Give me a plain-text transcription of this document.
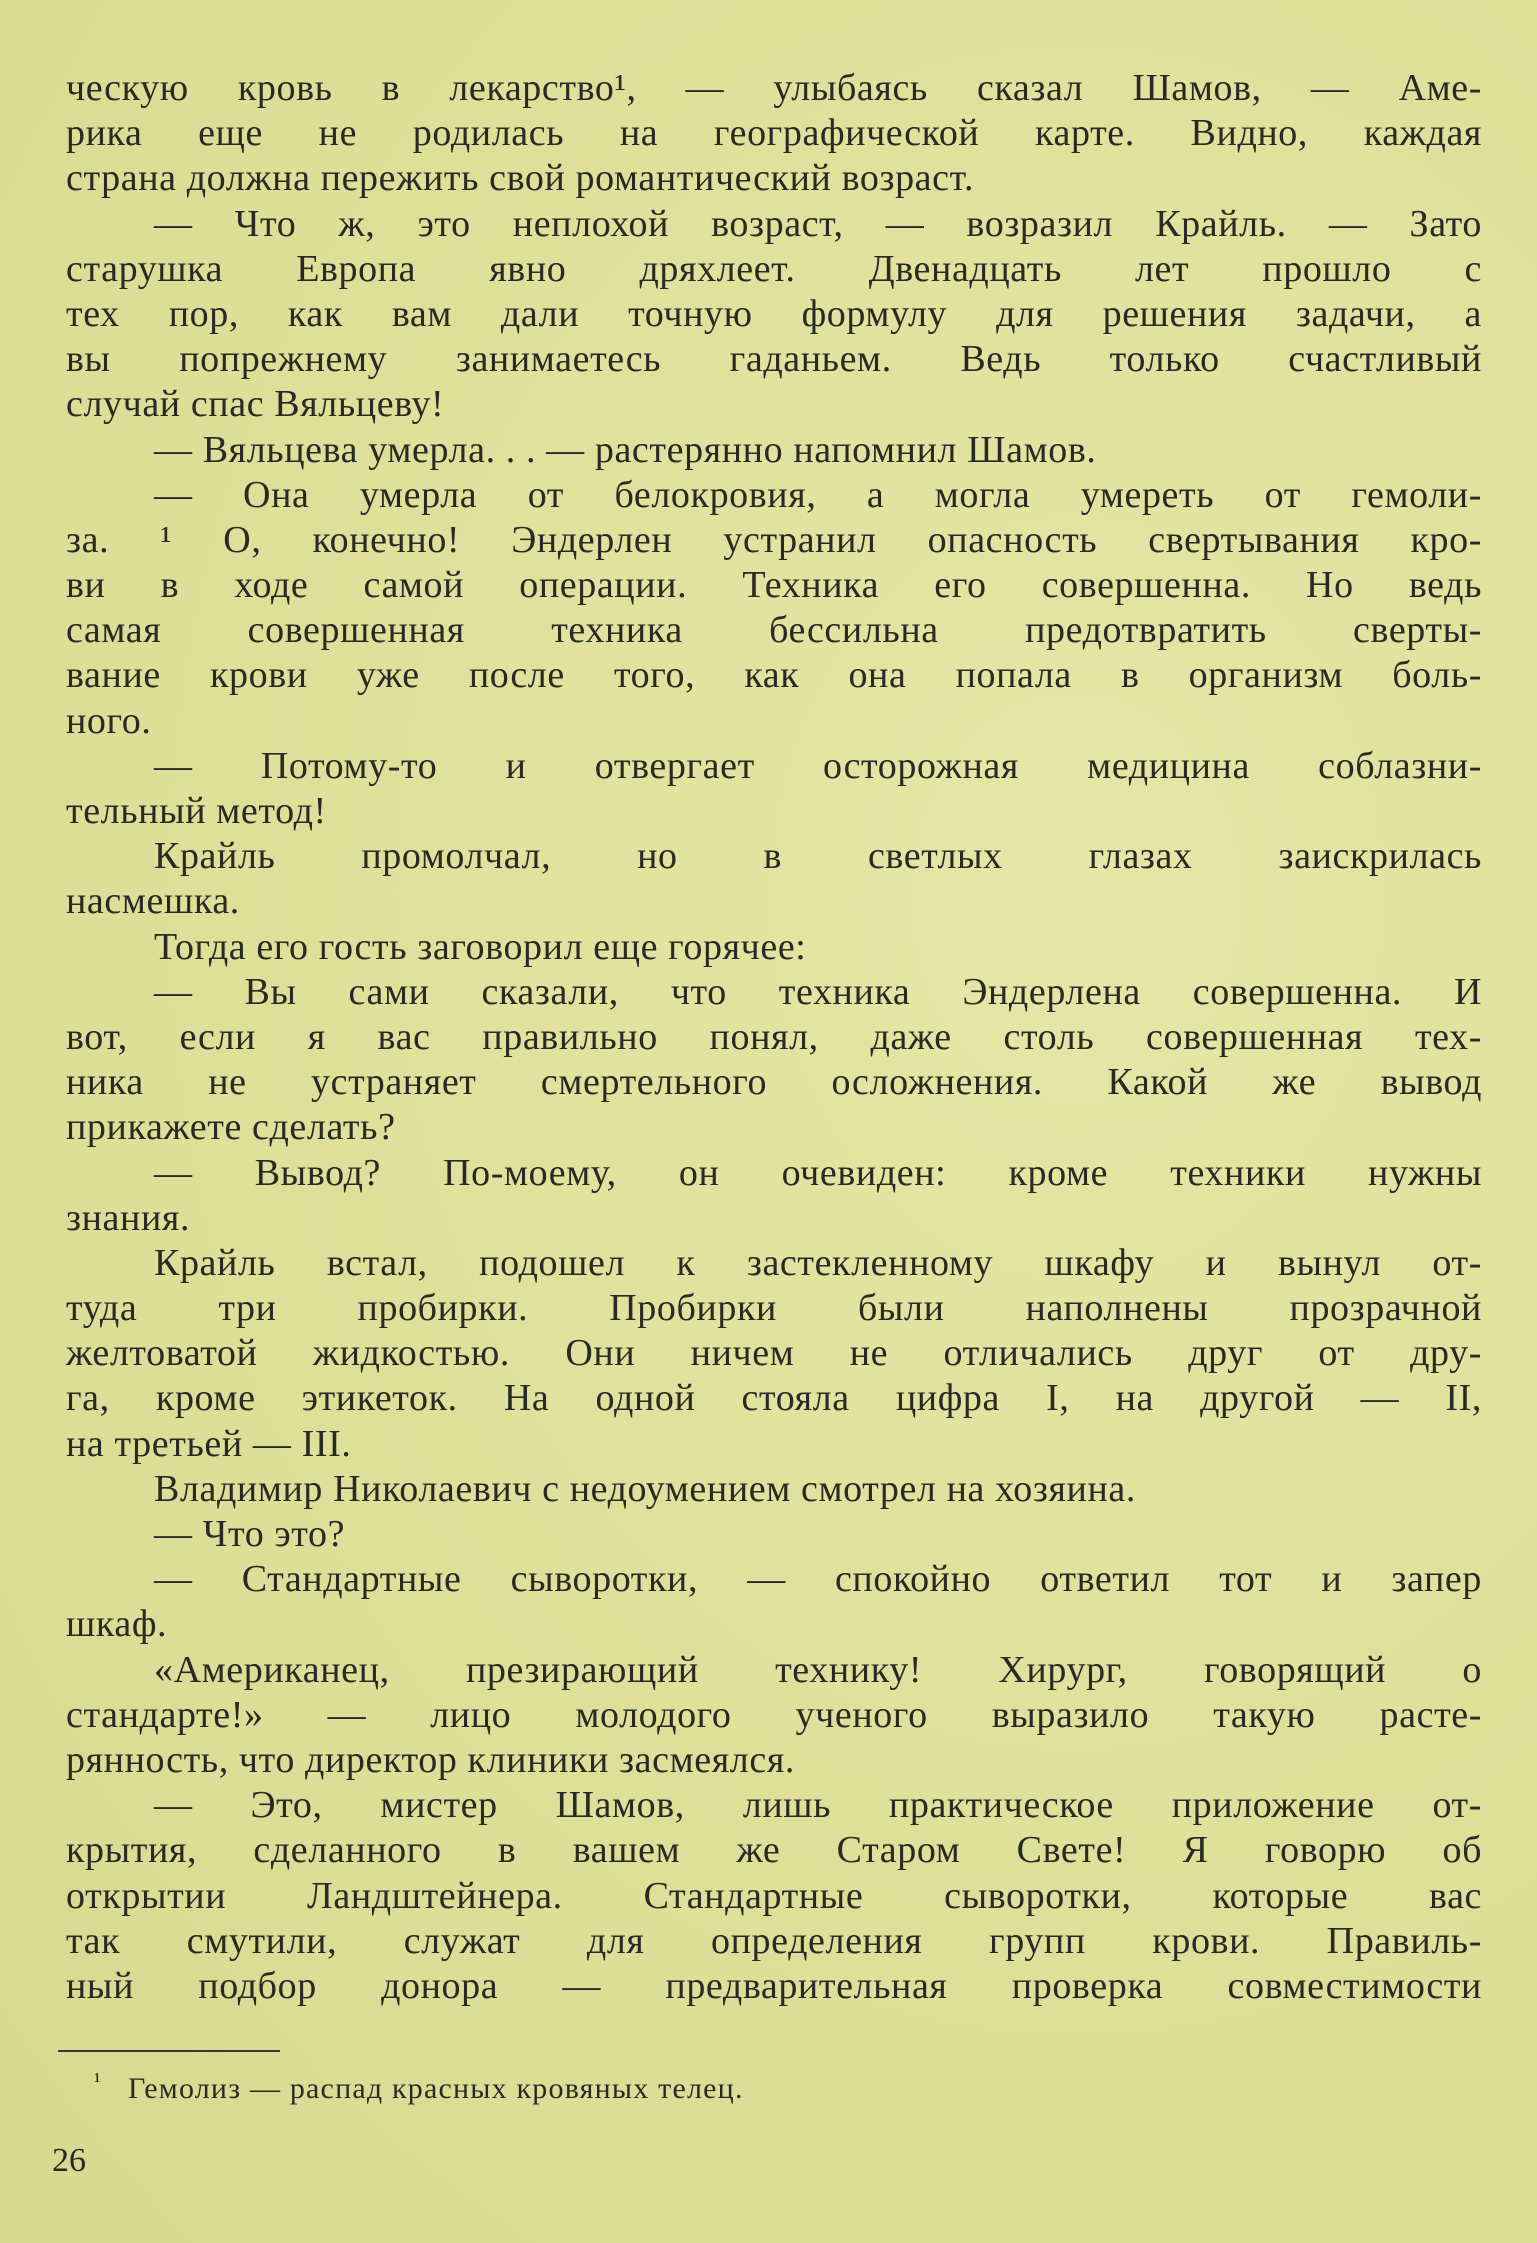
ческую кровь в лекарство¹, — улыбаясь сказал Шамов, — Аме-
рика еще не родилась на географической карте. Видно, каждая
страна должна пережить свой романтический возраст.
— Что ж, это неплохой возраст, — возразил Крайль. — Зато
старушка Европа явно дряхлеет. Двенадцать лет прошло с
тех пор, как вам дали точную формулу для решения задачи, а
вы попрежнему занимаетесь гаданьем. Ведь только счастливый
случай спас Вяльцеву!
— Вяльцева умерла. . . — растерянно напомнил Шамов.
— Она умерла от белокровия, а могла умереть от гемоли-
за. ¹ О, конечно! Эндерлен устранил опасность свертывания кро-
ви в ходе самой операции. Техника его совершенна. Но ведь
самая совершенная техника бессильна предотвратить сверты-
вание крови уже после того, как она попала в организм боль-
ного.
— Потому-то и отвергает осторожная медицина соблазни-
тельный метод!
Крайль промолчал, но в светлых глазах заискрилась
насмешка.
Тогда его гость заговорил еще горячее:
— Вы сами сказали, что техника Эндерлена совершенна. И
вот, если я вас правильно понял, даже столь совершенная тех-
ника не устраняет смертельного осложнения. Какой же вывод
прикажете сделать?
— Вывод? По-моему, он очевиден: кроме техники нужны
знания.
Крайль встал, подошел к застекленному шкафу и вынул от-
туда три пробирки. Пробирки были наполнены прозрачной
желтоватой жидкостью. Они ничем не отличались друг от дру-
га, кроме этикеток. На одной стояла цифра I, на другой — II,
на третьей — III.
Владимир Николаевич с недоумением смотрел на хозяина.
— Что это?
— Стандартные сыворотки, — спокойно ответил тот и запер
шкаф.
«Американец, презирающий технику! Хирург, говорящий о
стандарте!» — лицо молодого ученого выразило такую расте-
рянность, что директор клиники засмеялся.
— Это, мистер Шамов, лишь практическое приложение от-
крытия, сделанного в вашем же Старом Свете! Я говорю об
открытии Ландштейнера. Стандартные сыворотки, которые вас
так смутили, служат для определения групп крови. Правиль-
ный подбор донора — предварительная проверка совместимости
¹ Гемолиз — распад красных кровяных телец.
26
